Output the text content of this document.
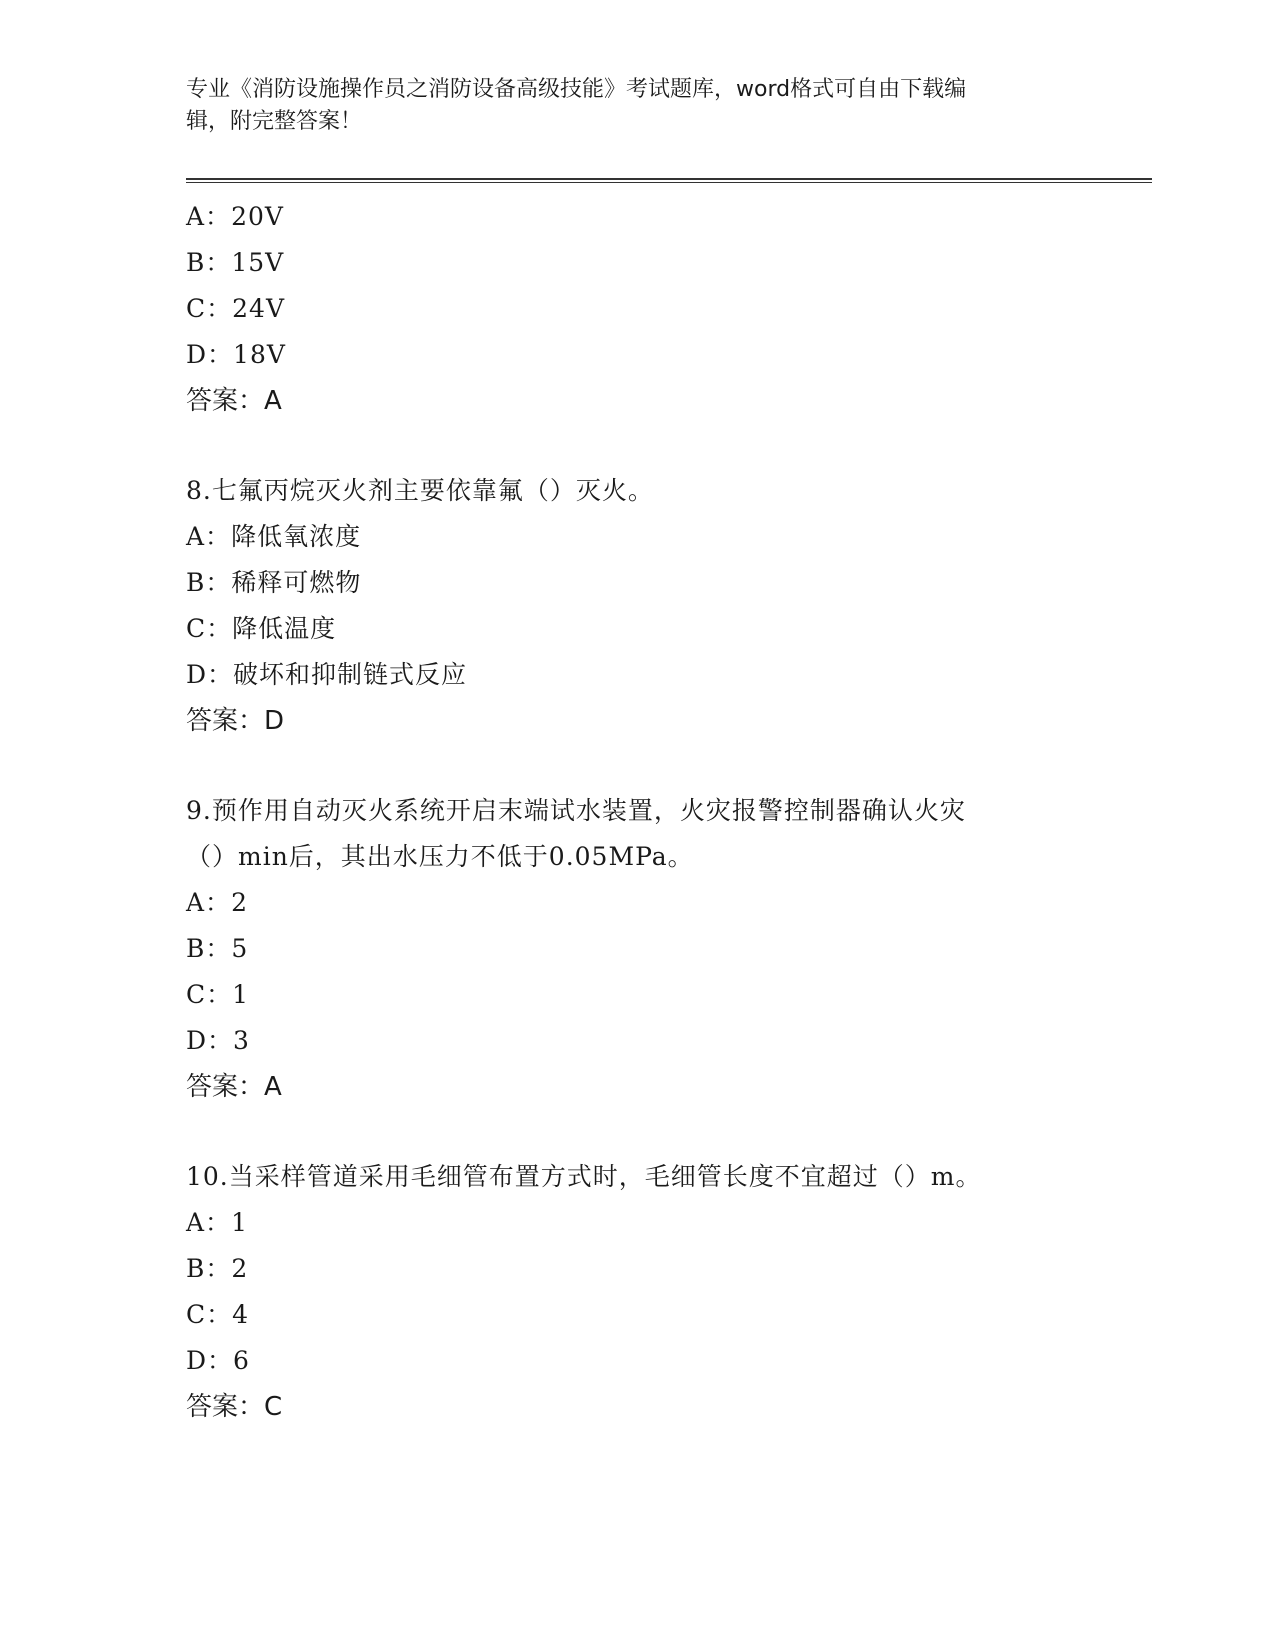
专业《消防设施操作员之消防设备高级技能》考试题库，word格式可自由下载编
辑，附完整答案！
A：20V
B：15V
C：24V
D：18V
答案：A
8.七氟丙烷灭火剂主要依靠氟（）灭火。
A：降低氧浓度
B：稀释可燃物
C：降低温度
D：破坏和抑制链式反应
答案：D
9.预作用自动灭火系统开启末端试水装置，火灾报警控制器确认火灾
（）min后，其出水压力不低于0.05MPa。
A：2
B：5
C：1
D：3
答案：A
10.当采样管道采用毛细管布置方式时，毛细管长度不宜超过（）m。
A：1
B：2
C：4
D：6
答案：C
